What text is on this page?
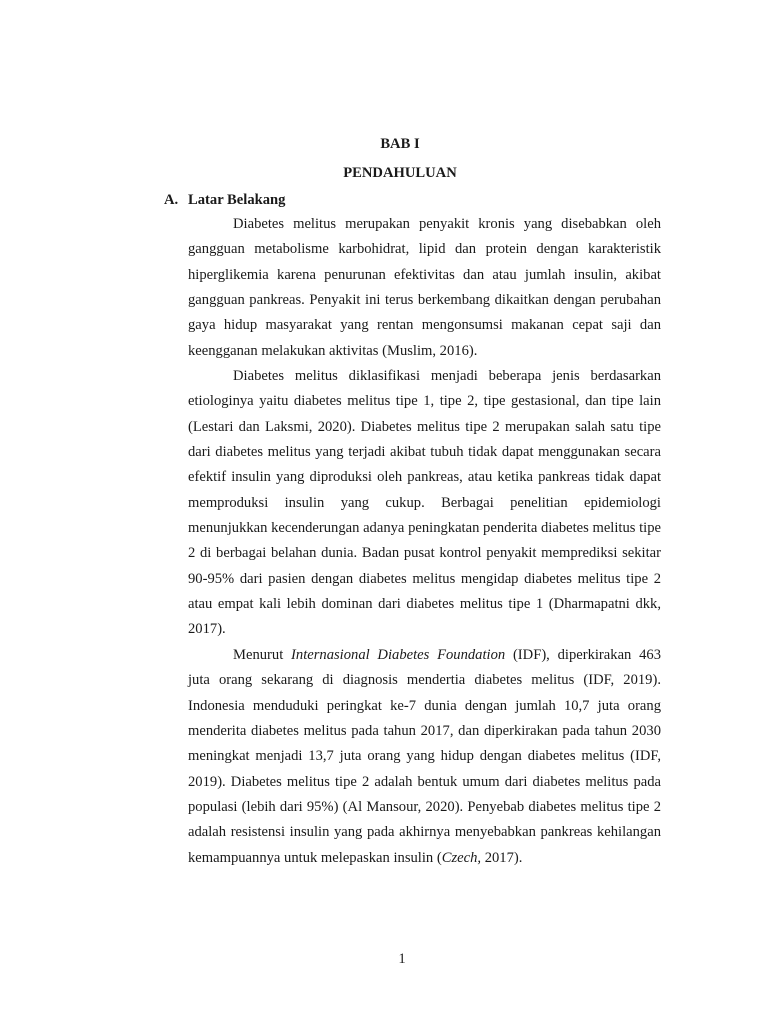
BAB I
PENDAHULUAN
A. Latar Belakang

Diabetes melitus merupakan penyakit kronis yang disebabkan oleh gangguan metabolisme karbohidrat, lipid dan protein dengan karakteristik hiperglikemia karena penurunan efektivitas dan atau jumlah insulin, akibat gangguan pankreas. Penyakit ini terus berkembang dikaitkan dengan perubahan gaya hidup masyarakat yang rentan mengonsumsi makanan cepat saji dan keengganan melakukan aktivitas (Muslim, 2016).

Diabetes melitus diklasifikasi menjadi beberapa jenis berdasarkan etiologinya yaitu diabetes melitus tipe 1, tipe 2, tipe gestasional, dan tipe lain (Lestari dan Laksmi, 2020). Diabetes melitus tipe 2 merupakan salah satu tipe dari diabetes melitus yang terjadi akibat tubuh tidak dapat menggunakan secara efektif insulin yang diproduksi oleh pankreas, atau ketika pankreas tidak dapat memproduksi insulin yang cukup. Berbagai penelitian epidemiologi menunjukkan kecenderungan adanya peningkatan penderita diabetes melitus tipe 2 di berbagai belahan dunia. Badan pusat kontrol penyakit memprediksi sekitar 90-95% dari pasien dengan diabetes melitus mengidap diabetes melitus tipe 2 atau empat kali lebih dominan dari diabetes melitus tipe 1 (Dharmapatni dkk, 2017).

Menurut Internasional Diabetes Foundation (IDF), diperkirakan 463 juta orang sekarang di diagnosis mendertia diabetes melitus (IDF, 2019). Indonesia menduduki peringkat ke-7 dunia dengan jumlah 10,7 juta orang menderita diabetes melitus pada tahun 2017, dan diperkirakan pada tahun 2030 meningkat menjadi 13,7 juta orang yang hidup dengan diabetes melitus (IDF, 2019). Diabetes melitus tipe 2 adalah bentuk umum dari diabetes melitus pada populasi (lebih dari 95%) (Al Mansour, 2020). Penyebab diabetes melitus tipe 2 adalah resistensi insulin yang pada akhirnya menyebabkan pankreas kehilangan kemampuannya untuk melepaskan insulin (Czech, 2017).

1
